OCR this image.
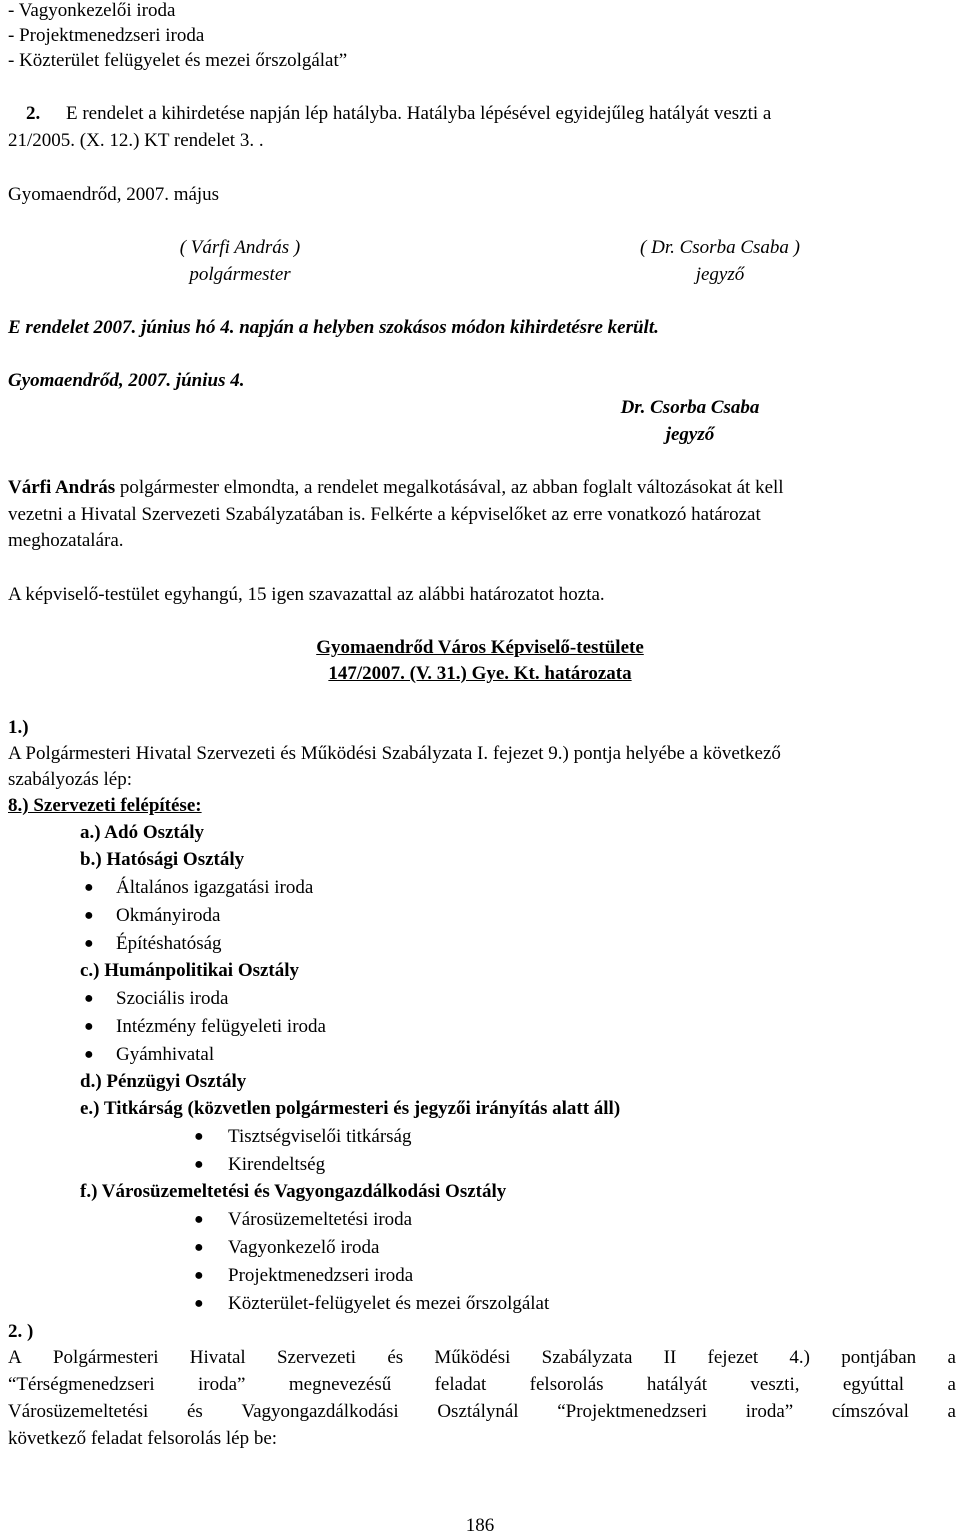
- Vagyonkezelői iroda
- Projektmenedzseri iroda
- Közterület felügyelet és mezei őrszolgálat”
2. E rendelet a kihirdetése napján lép hatályba. Hatályba lépésével egyidejűleg hatályát veszti a
21/2005. (X. 12.) KT rendelet 3. .
Gyomaendrőd, 2007. május
( Várfi András )
polgármester
( Dr. Csorba Csaba )
jegyző
E rendelet 2007. június hó 4. napján a helyben szokásos módon kihirdetésre került.
Gyomaendrőd, 2007. június 4.
Dr. Csorba Csaba
jegyző
Várfi András polgármester elmondta, a rendelet megalkotásával, az abban foglalt változásokat át kell
vezetni a Hivatal Szervezeti Szabályzatában is. Felkérte a képviselőket az erre vonatkozó határozat
meghozatalára.
A képviselő-testület egyhangú, 15 igen szavazattal az alábbi határozatot hozta.
Gyomaendrőd Város Képviselő-testülete
147/2007. (V. 31.) Gye. Kt. határozata
1.)
A Polgármesteri Hivatal Szervezeti és Működési Szabályzata I. fejezet 9.) pontja helyébe a következő
szabályozás lép:
8.) Szervezeti felépítése:
a.) Adó Osztály
b.) Hatósági Osztály
● Általános igazgatási iroda
● Okmányiroda
● Építéshatóság
c.) Humánpolitikai Osztály
● Szociális iroda
● Intézmény felügyeleti iroda
● Gyámhivatal
d.) Pénzügyi Osztály
e.) Titkárság (közvetlen polgármesteri és jegyzői irányítás alatt áll)
● Tisztségviselői titkárság
● Kirendeltség
f.) Városüzemeltetési és Vagyongazdálkodási Osztály
● Városüzemeltetési iroda
● Vagyonkezelő iroda
● Projektmenedzseri iroda
● Közterület-felügyelet és mezei őrszolgálat
2. )
A Polgármesteri Hivatal Szervezeti és Működési Szabályzata II fejezet 4.) pontjában a
“Térségmenedzseri iroda” megnevezésű feladat felsorolás hatályát veszti, egyúttal a
Városüzemeltetési és Vagyongazdálkodási Osztálynál “Projektmenedzseri iroda” címszóval a
következő feladat felsorolás lép be:
186
